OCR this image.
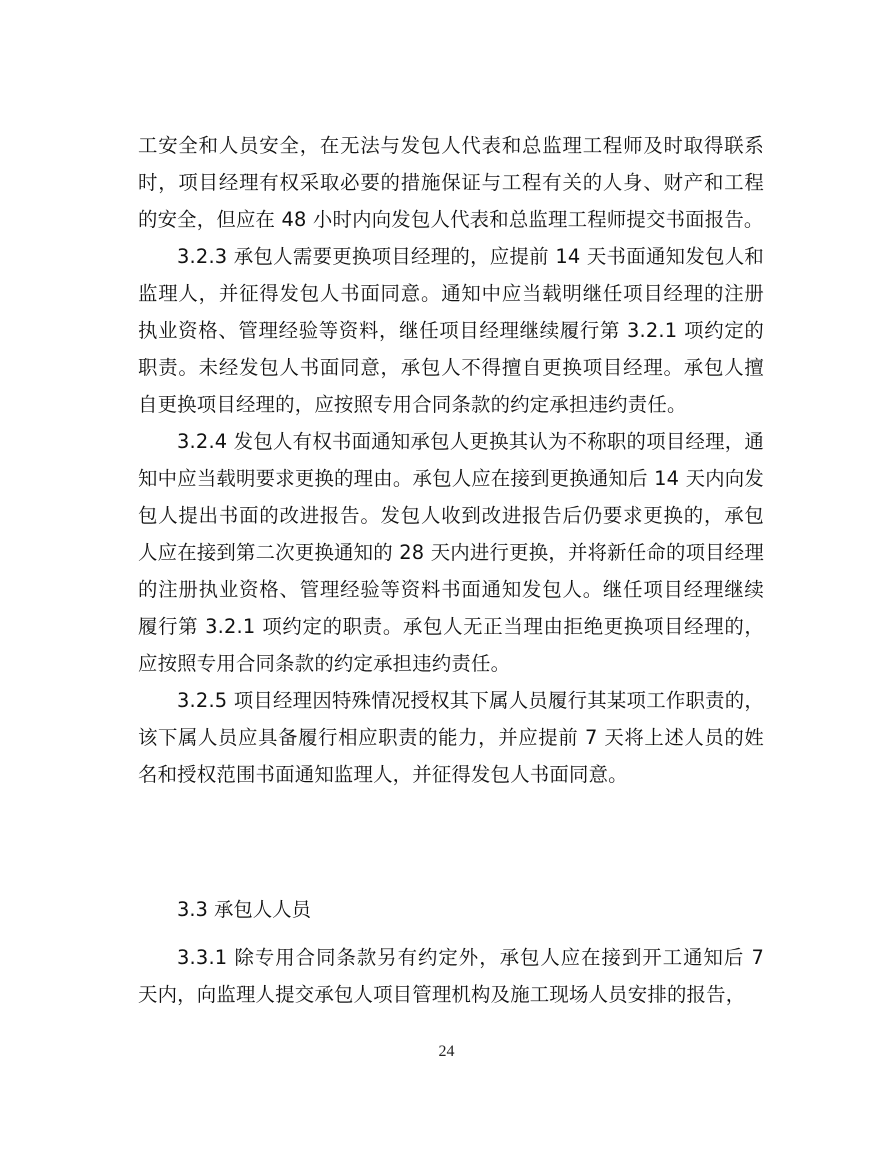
工安全和人员安全，在无法与发包人代表和总监理工程师及时取得联系时，项目经理有权采取必要的措施保证与工程有关的人身、财产和工程的安全，但应在 48 小时内向发包人代表和总监理工程师提交书面报告。

3.2.3 承包人需要更换项目经理的，应提前 14 天书面通知发包人和监理人，并征得发包人书面同意。通知中应当载明继任项目经理的注册执业资格、管理经验等资料，继任项目经理继续履行第 3.2.1 项约定的职责。未经发包人书面同意，承包人不得擅自更换项目经理。承包人擅自更换项目经理的，应按照专用合同条款的约定承担违约责任。

3.2.4 发包人有权书面通知承包人更换其认为不称职的项目经理，通知中应当载明要求更换的理由。承包人应在接到更换通知后 14 天内向发包人提出书面的改进报告。发包人收到改进报告后仍要求更换的，承包人应在接到第二次更换通知的 28 天内进行更换，并将新任命的项目经理的注册执业资格、管理经验等资料书面通知发包人。继任项目经理继续履行第 3.2.1 项约定的职责。承包人无正当理由拒绝更换项目经理的，应按照专用合同条款的约定承担违约责任。

3.2.5 项目经理因特殊情况授权其下属人员履行其某项工作职责的，该下属人员应具备履行相应职责的能力，并应提前 7 天将上述人员的姓名和授权范围书面通知监理人，并征得发包人书面同意。

3.3 承包人人员

3.3.1 除专用合同条款另有约定外，承包人应在接到开工通知后 7 天内，向监理人提交承包人项目管理机构及施工现场人员安排的报告，

24
